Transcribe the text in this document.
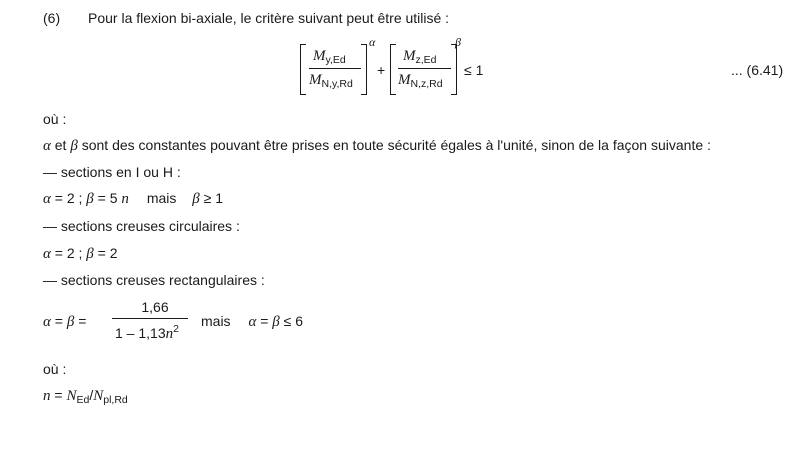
(6) Pour la flexion bi-axiale, le critère suivant peut être utilisé :
$M_{y,Ed}$
$M_{N,y,Rd}$
α
+
$M_{z,Ed}$
$M_{N,z,Rd}$
β
≤ 1	... (6.41)
où :
α et β sont des constantes pouvant être prises en toute sécurité égales à l'unité, sinon de la façon suivante :
— sections en I ou H :
α = 2 ; β = 5 n mais β ≥ 1
— sections creuses circulaires :
α = 2 ; β = 2
— sections creuses rectangulaires :
α = β =
1,66
$1 - 1,13n^2$ mais α = β ≤ 6
où :
$n = N_{Ed}/N_{pl,Rd}$
